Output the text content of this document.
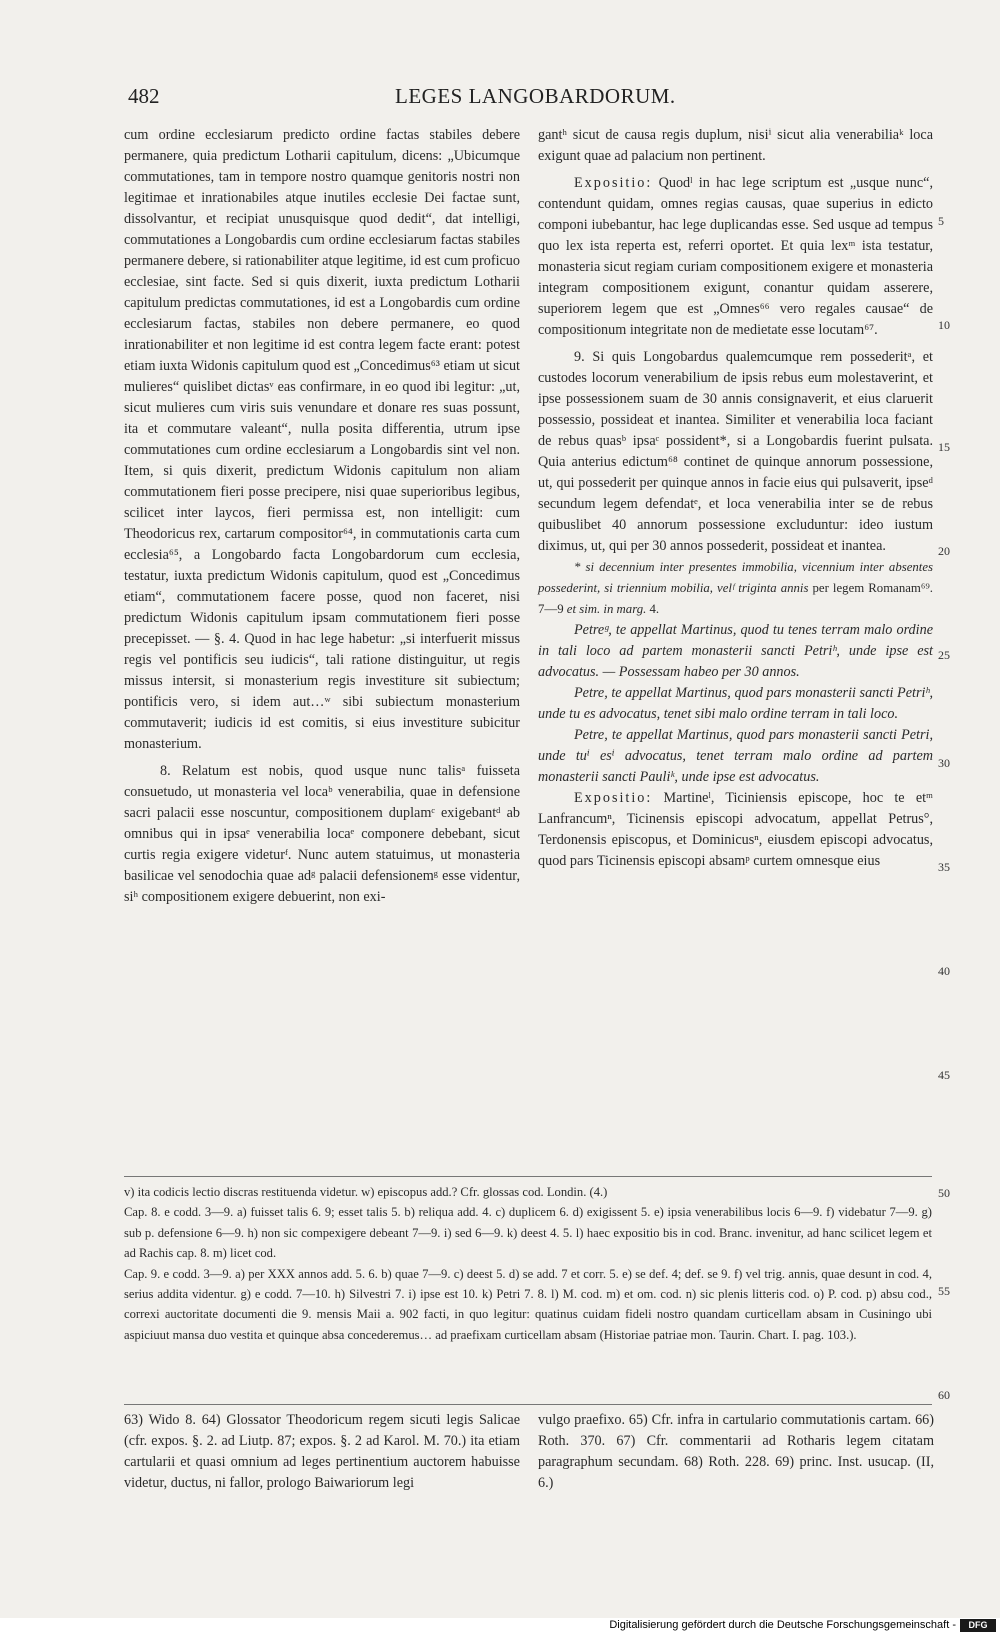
482	LEGES LANGOBARDORUM.

cum ordine ecclesiarum predicto ordine factas stabiles debere permanere, quia predictum Lotharii capitulum, dicens: „Ubicumque commutationes, tam in tempore nostro quamque genitoris nostri non legitimae et inrationabiles atque inutiles ecclesie Dei factae sunt, dissolvantur, et recipiat unusquisque quod dedit“, dat intelligi, commutationes a Longobardis cum ordine ecclesiarum factas stabiles permanere debere, si rationabiliter atque legitime, id est cum proficuo ecclesiae, sint facte. Sed si quis dixerit, iuxta predictum Lotharii capitulum predictas commutationes, id est a Longobardis cum ordine ecclesiarum factas, stabiles non debere permanere, eo quod inrationabiliter et non legitime id est contra legem facte erant: potest etiam iuxta Widonis capitulum quod est „Concedimus⁶³ etiam ut sicut mulieres“ quislibet dictasᵛ eas confirmare, in eo quod ibi legitur: „ut, sicut mulieres cum viris suis venundare et donare res suas possunt, ita et commutare valeant“, nulla posita differentia, utrum ipse commutationes cum ordine ecclesiarum a Longobardis sint vel non. Item, si quis dixerit, predictum Widonis capitulum non aliam commutationem fieri posse precipere, nisi quae superioribus legibus, scilicet inter laycos, fieri permissa est, non intelligit: cum Theodoricus rex, cartarum compositor⁶⁴, in commutationis carta cum ecclesia⁶⁵, a Longobardo facta Longobardorum cum ecclesia, testatur, iuxta predictum Widonis capitulum, quod est „Concedimus etiam“, commutationem facere posse, quod non faceret, nisi predictum Widonis capitulum ipsam commutationem fieri posse precepisset. — §. 4. Quod in hac lege habetur: „si interfuerit missus regis vel pontificis seu iudicis“, tali ratione distinguitur, ut regis missus intersit, si monasterium regis investiture sit subiectum; pontificis vero, si idem aut…ʷ sibi subiectum monasterium commutaverit; iudicis id est comitis, si eius investiture subicitur monasterium.

8. Relatum est nobis, quod usque nunc talisᵃ fuisseta consuetudo, ut monasteria vel locaᵇ venerabilia, quae in defensione sacri palacii esse noscuntur, compositionem duplamᶜ exigebantᵈ ab omnibus qui in ipsaᵉ venerabilia locaᵉ componere debebant, sicut curtis regia exigere videturᶠ. Nunc autem statuimus, ut monasteria basilicae vel senodochia quae adᵍ palacii defensionemᵍ esse videntur, siʰ compositionem exigere debuerint, non exi-

gantʰ sicut de causa regis duplum, nisiⁱ sicut alia venerabiliaᵏ loca exigunt quae ad palacium non pertinent.

Expositio: Quodˡ in hac lege scriptum est „usque nunc“, contendunt quidam, omnes regias causas, quae superius in edicto componi iubebantur, hac lege duplicandas esse. Sed usque ad tempus quo lex ista reperta est, referri oportet. Et quia lexᵐ ista testatur, monasteria sicut regiam curiam compositionem exigere et monasteria integram compositionem exigunt, conantur quidam asserere, superiorem legem que est „Omnes⁶⁶ vero regales causae“ de compositionum integritate non de medietate esse locutam⁶⁷.

9. Si quis Longobardus qualemcumque rem possederitᵃ, et custodes locorum venerabilium de ipsis rebus eum molestaverint, et ipse possessionem suam de 30 annis consignaverit, et eius claruerit possessio, possideat et inantea. Similiter et venerabilia loca faciant de rebus quasᵇ ipsaᶜ possident*, si a Longobardis fuerint pulsata. Quia anterius edictum⁶⁸ continet de quinque annorum possessione, ut, qui possederit per quinque annos in facie eius qui pulsaverit, ipseᵈ secundum legem defendatᵉ, et loca venerabilia inter se de rebus quibuslibet 40 annorum possessione excluduntur: ideo iustum diximus, ut, qui per 30 annos possederit, possideat et inantea.

* si decennium inter presentes immobilia, vicennium inter absentes possederint, si triennium mobilia, velᶠ triginta annis per legem Romanam⁶⁹. 7—9 et sim. in marg. 4.

Petreᵍ, te appellat Martinus, quod tu tenes terram malo ordine in tali loco ad partem monasterii sancti Petriʰ, unde ipse est advocatus. — Possessam habeo per 30 annos.

Petre, te appellat Martinus, quod pars monasterii sancti Petriʰ, unde tu es advocatus, tenet sibi malo ordine terram in tali loco.

Petre, te appellat Martinus, quod pars monasterii sancti Petri, unde tuⁱ esⁱ advocatus, tenet terram malo ordine ad partem monasterii sancti Pauliᵏ, unde ipse est advocatus.

Expositio: Martineˡ, Ticiniensis episcope, hoc te etᵐ Lanfrancumⁿ, Ticinensis episcopi advocatum, appellat Petrus°, Terdonensis episcopus, et Dominicusⁿ, eiusdem episcopi advocatus, quod pars Ticinensis episcopi absamᵖ curtem omnesque eius

5
10
15
20
25
30
35
40
45
50
55
60

v) ita codicis lectio discras restituenda videtur. w) episcopus add.? Cfr. glossas cod. Londin. (4.)

Cap. 8. e codd. 3—9. a) fuisset talis 6. 9; esset talis 5. b) reliqua add. 4. c) duplicem 6. d) exigissent 5. e) ipsia venerabilibus locis 6—9. f) videbatur 7—9. g) sub p. defensione 6—9. h) non sic compexigere debeant 7—9. i) sed 6—9. k) deest 4. 5. l) haec expositio bis in cod. Branc. invenitur, ad hanc scilicet legem et ad Rachis cap. 8. m) licet cod.

Cap. 9. e codd. 3—9. a) per XXX annos add. 5. 6. b) quae 7—9. c) deest 5. d) se add. 7 et corr. 5. e) se def. 4; def. se 9. f) vel trig. annis, quae desunt in cod. 4, serius addita videntur. g) e codd. 7—10. h) Silvestri 7. i) ipse est 10. k) Petri 7. 8. l) M. cod. m) et om. cod. n) sic plenis litteris cod. o) P. cod. p) absu cod., correxi auctoritate documenti die 9. mensis Maii a. 902 facti, in quo legitur: quatinus cuidam fideli nostro quandam curticellam absam in Cusiningo ubi aspiciuut mansa duo vestita et quinque absa concederemus… ad praefixam curticellam absam (Historiae patriae mon. Taurin. Chart. I. pag. 103.).

63) Wido 8. 64) Glossator Theodoricum regem sicuti legis Salicae (cfr. expos. §. 2. ad Liutp. 87; expos. §. 2 ad Karol. M. 70.) ita etiam cartularii et quasi omnium ad leges pertinentium auctorem habuisse videtur, ductus, ni fallor, prologo Baiwariorum legi

vulgo praefixo. 65) Cfr. infra in cartulario commutationis cartam. 66) Roth. 370. 67) Cfr. commentarii ad Rotharis legem citatam paragraphum secundam. 68) Roth. 228. 69) princ. Inst. usucap. (II, 6.)

Digitalisierung gefördert durch die Deutsche Forschungsgemeinschaft -	DFG
